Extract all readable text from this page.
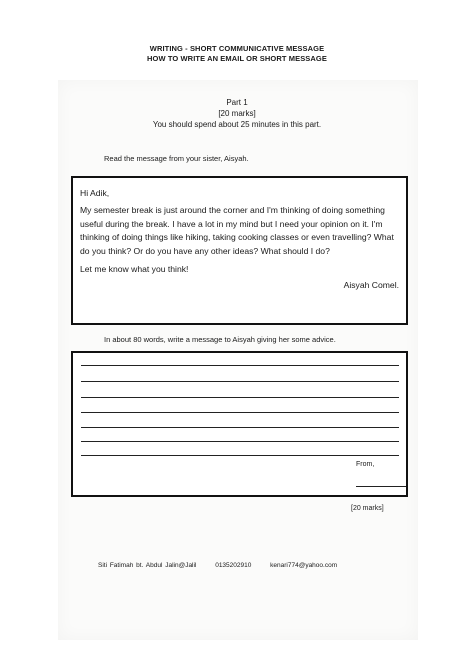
WRITING - SHORT COMMUNICATIVE MESSAGE
HOW TO WRITE AN EMAIL OR SHORT MESSAGE
Part 1
[20 marks]
You should spend about 25 minutes in this part.
Read the message from your sister, Aisyah.

Hi Adik,

My semester break is just around the corner and I'm thinking of doing something useful during the break. I have a lot in my mind but I need your opinion on it. I'm thinking of doing things like hiking, taking cooking classes or even travelling? What do you think? Or do you have any other ideas? What should I do?

Let me know what you think!

Aisyah Comel.

In about 80 words, write a message to Aisyah giving her some advice.
From,
[20 marks]
Siti Fatimah bt. Abdul Jalin@Jalil	0135202910	kenari774@yahoo.com
